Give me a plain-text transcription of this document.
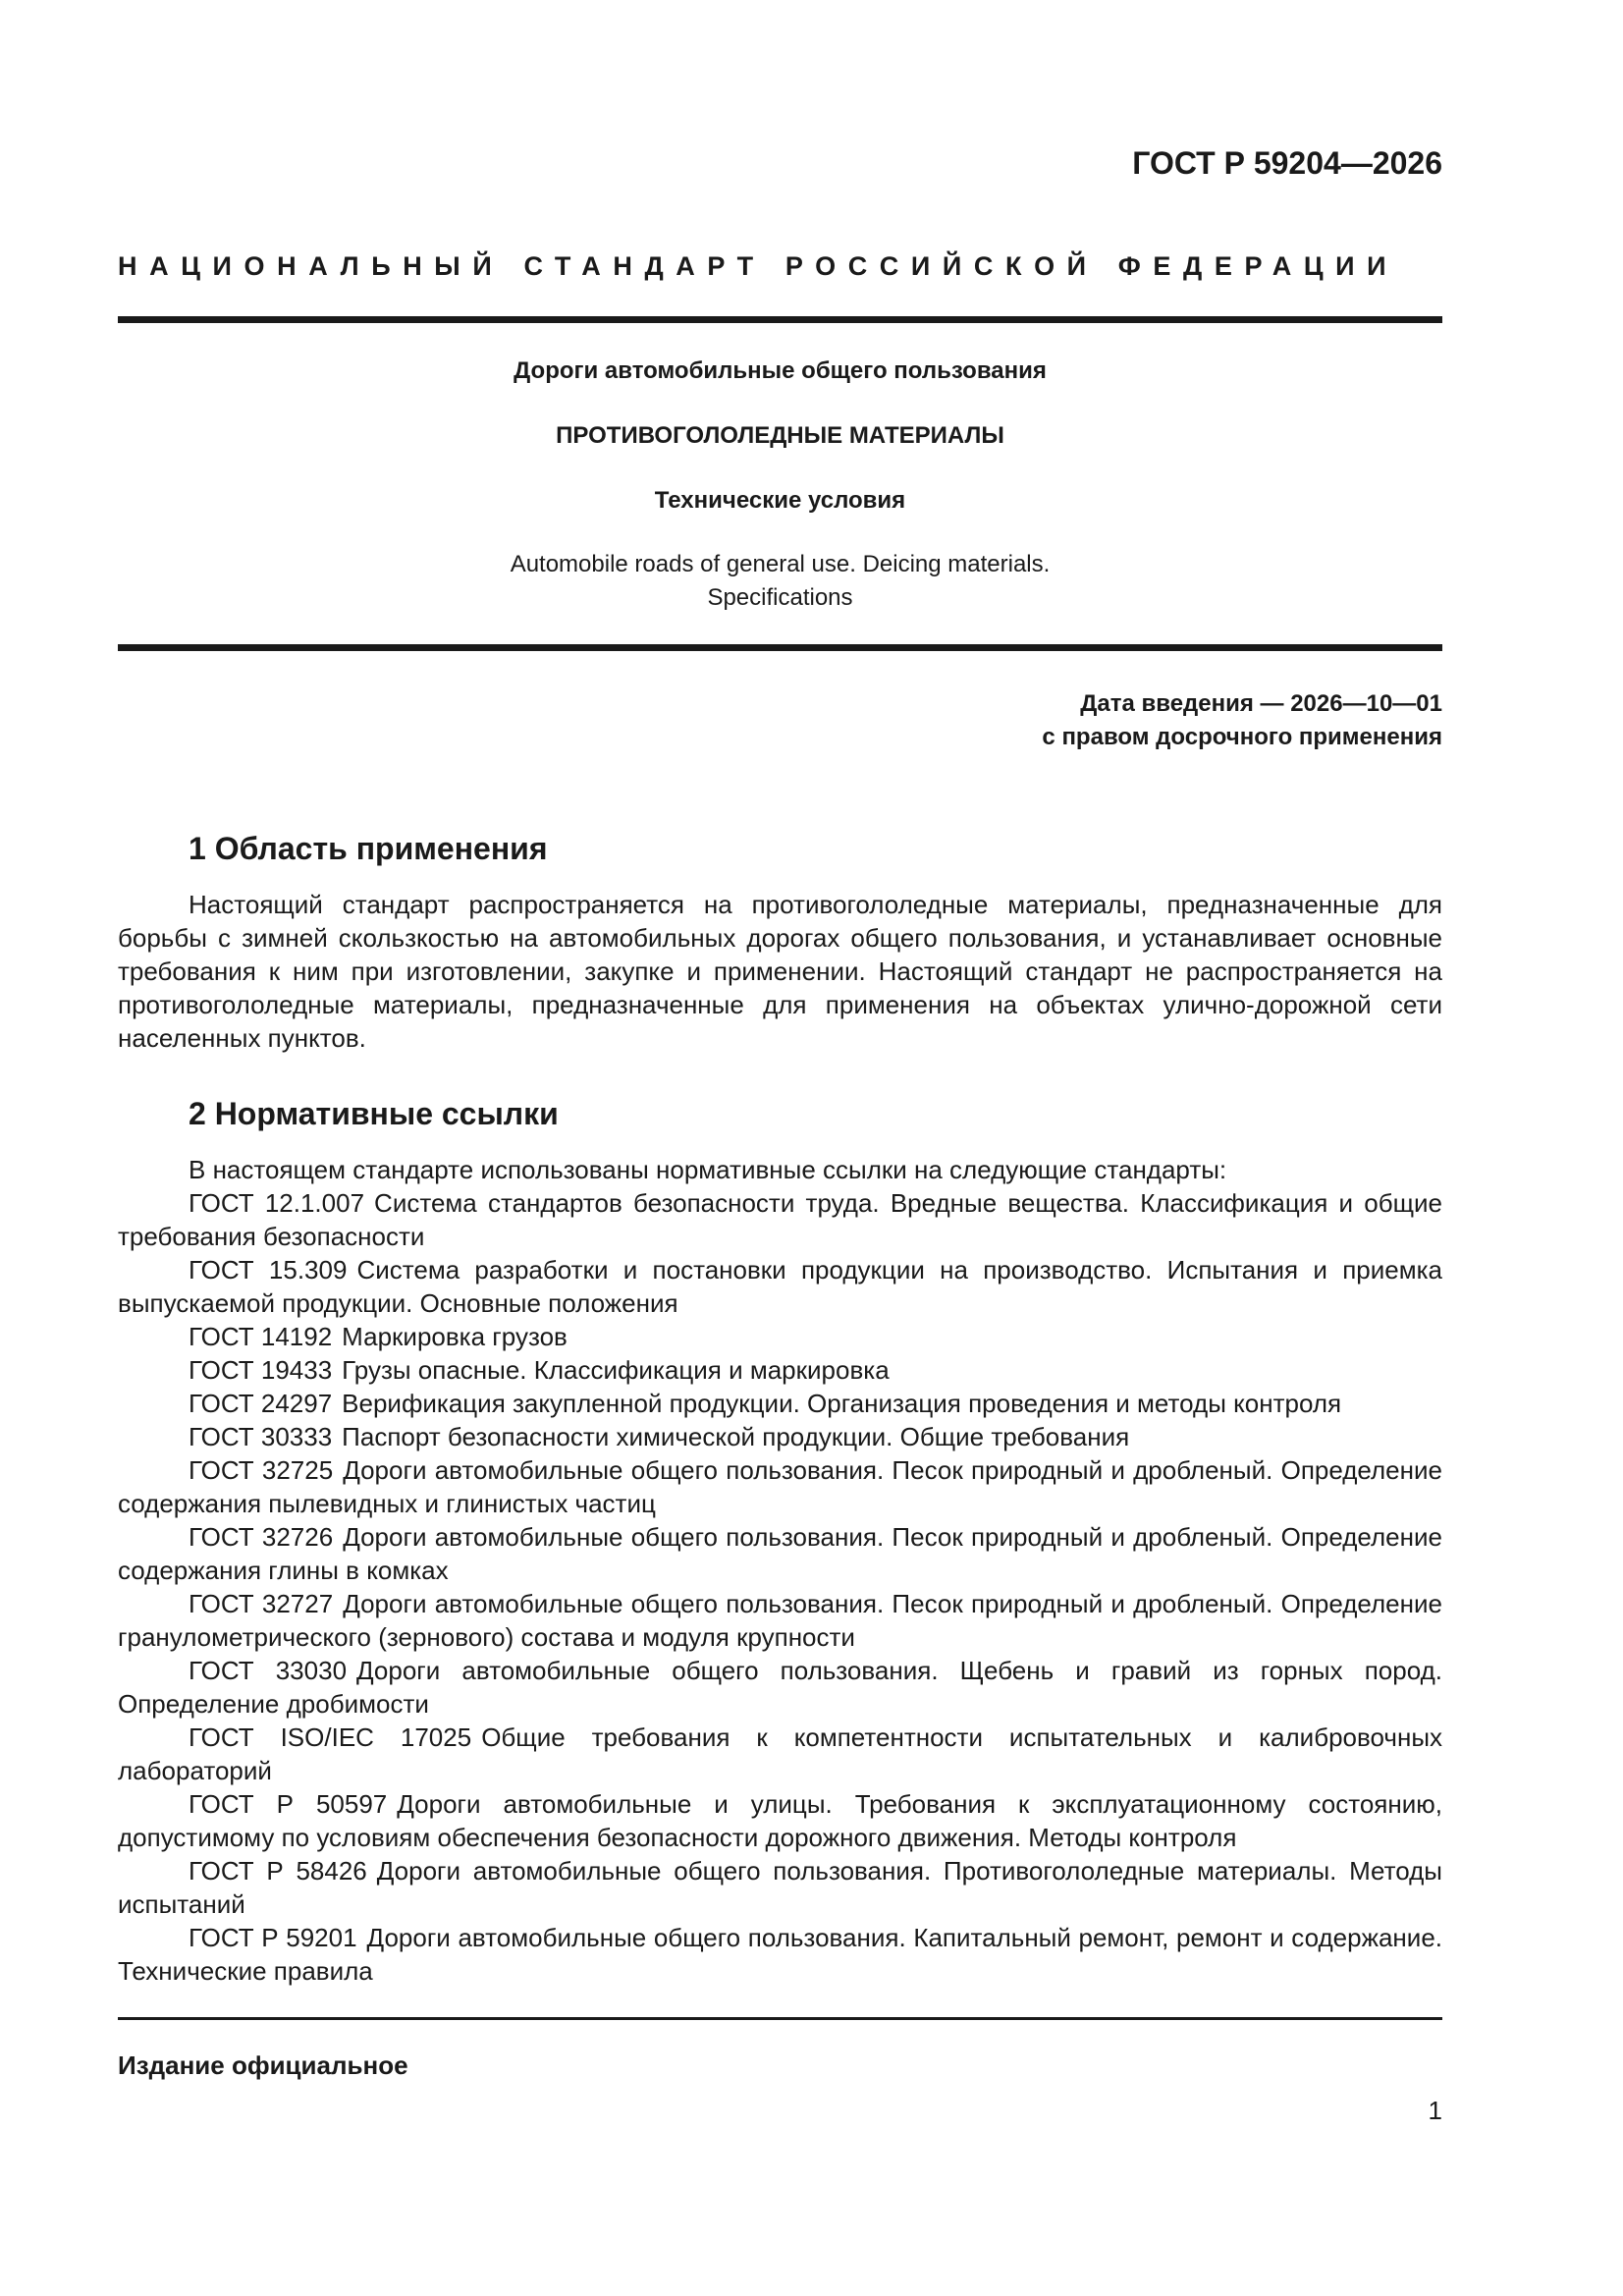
ГОСТ Р 59204—2026
НАЦИОНАЛЬНЫЙ СТАНДАРТ РОССИЙСКОЙ ФЕДЕРАЦИИ
Дороги автомобильные общего пользования
ПРОТИВОГОЛОЛЕДНЫЕ МАТЕРИАЛЫ
Технические условия
Automobile roads of general use. Deicing materials.
Specifications
Дата введения — 2026—10—01
с правом досрочного применения
1 Область применения

Настоящий стандарт распространяется на противогололедные материалы, предназначенные для борьбы с зимней скользкостью на автомобильных дорогах общего пользования, и устанавливает основные требования к ним при изготовлении, закупке и применении. Настоящий стандарт не распространяется на противогололедные материалы, предназначенные для применения на объектах улично-дорожной сети населенных пунктов.

2 Нормативные ссылки

В настоящем стандарте использованы нормативные ссылки на следующие стандарты:

ГОСТ 12.1.007 Система стандартов безопасности труда. Вредные вещества. Классификация и общие требования безопасности

ГОСТ 15.309 Система разработки и постановки продукции на производство. Испытания и приемка выпускаемой продукции. Основные положения

ГОСТ 14192 Маркировка грузов

ГОСТ 19433 Грузы опасные. Классификация и маркировка

ГОСТ 24297 Верификация закупленной продукции. Организация проведения и методы контроля

ГОСТ 30333 Паспорт безопасности химической продукции. Общие требования

ГОСТ 32725 Дороги автомобильные общего пользования. Песок природный и дробленый. Определение содержания пылевидных и глинистых частиц

ГОСТ 32726 Дороги автомобильные общего пользования. Песок природный и дробленый. Определение содержания глины в комках

ГОСТ 32727 Дороги автомобильные общего пользования. Песок природный и дробленый. Определение гранулометрического (зернового) состава и модуля крупности

ГОСТ 33030 Дороги автомобильные общего пользования. Щебень и гравий из горных пород. Определение дробимости

ГОСТ ISO/IEC 17025 Общие требования к компетентности испытательных и калибровочных лабораторий

ГОСТ Р 50597 Дороги автомобильные и улицы. Требования к эксплуатационному состоянию, допустимому по условиям обеспечения безопасности дорожного движения. Методы контроля

ГОСТ Р 58426 Дороги автомобильные общего пользования. Противогололедные материалы. Методы испытаний

ГОСТ Р 59201 Дороги автомобильные общего пользования. Капитальный ремонт, ремонт и содержание. Технические правила

Издание официальное
1
